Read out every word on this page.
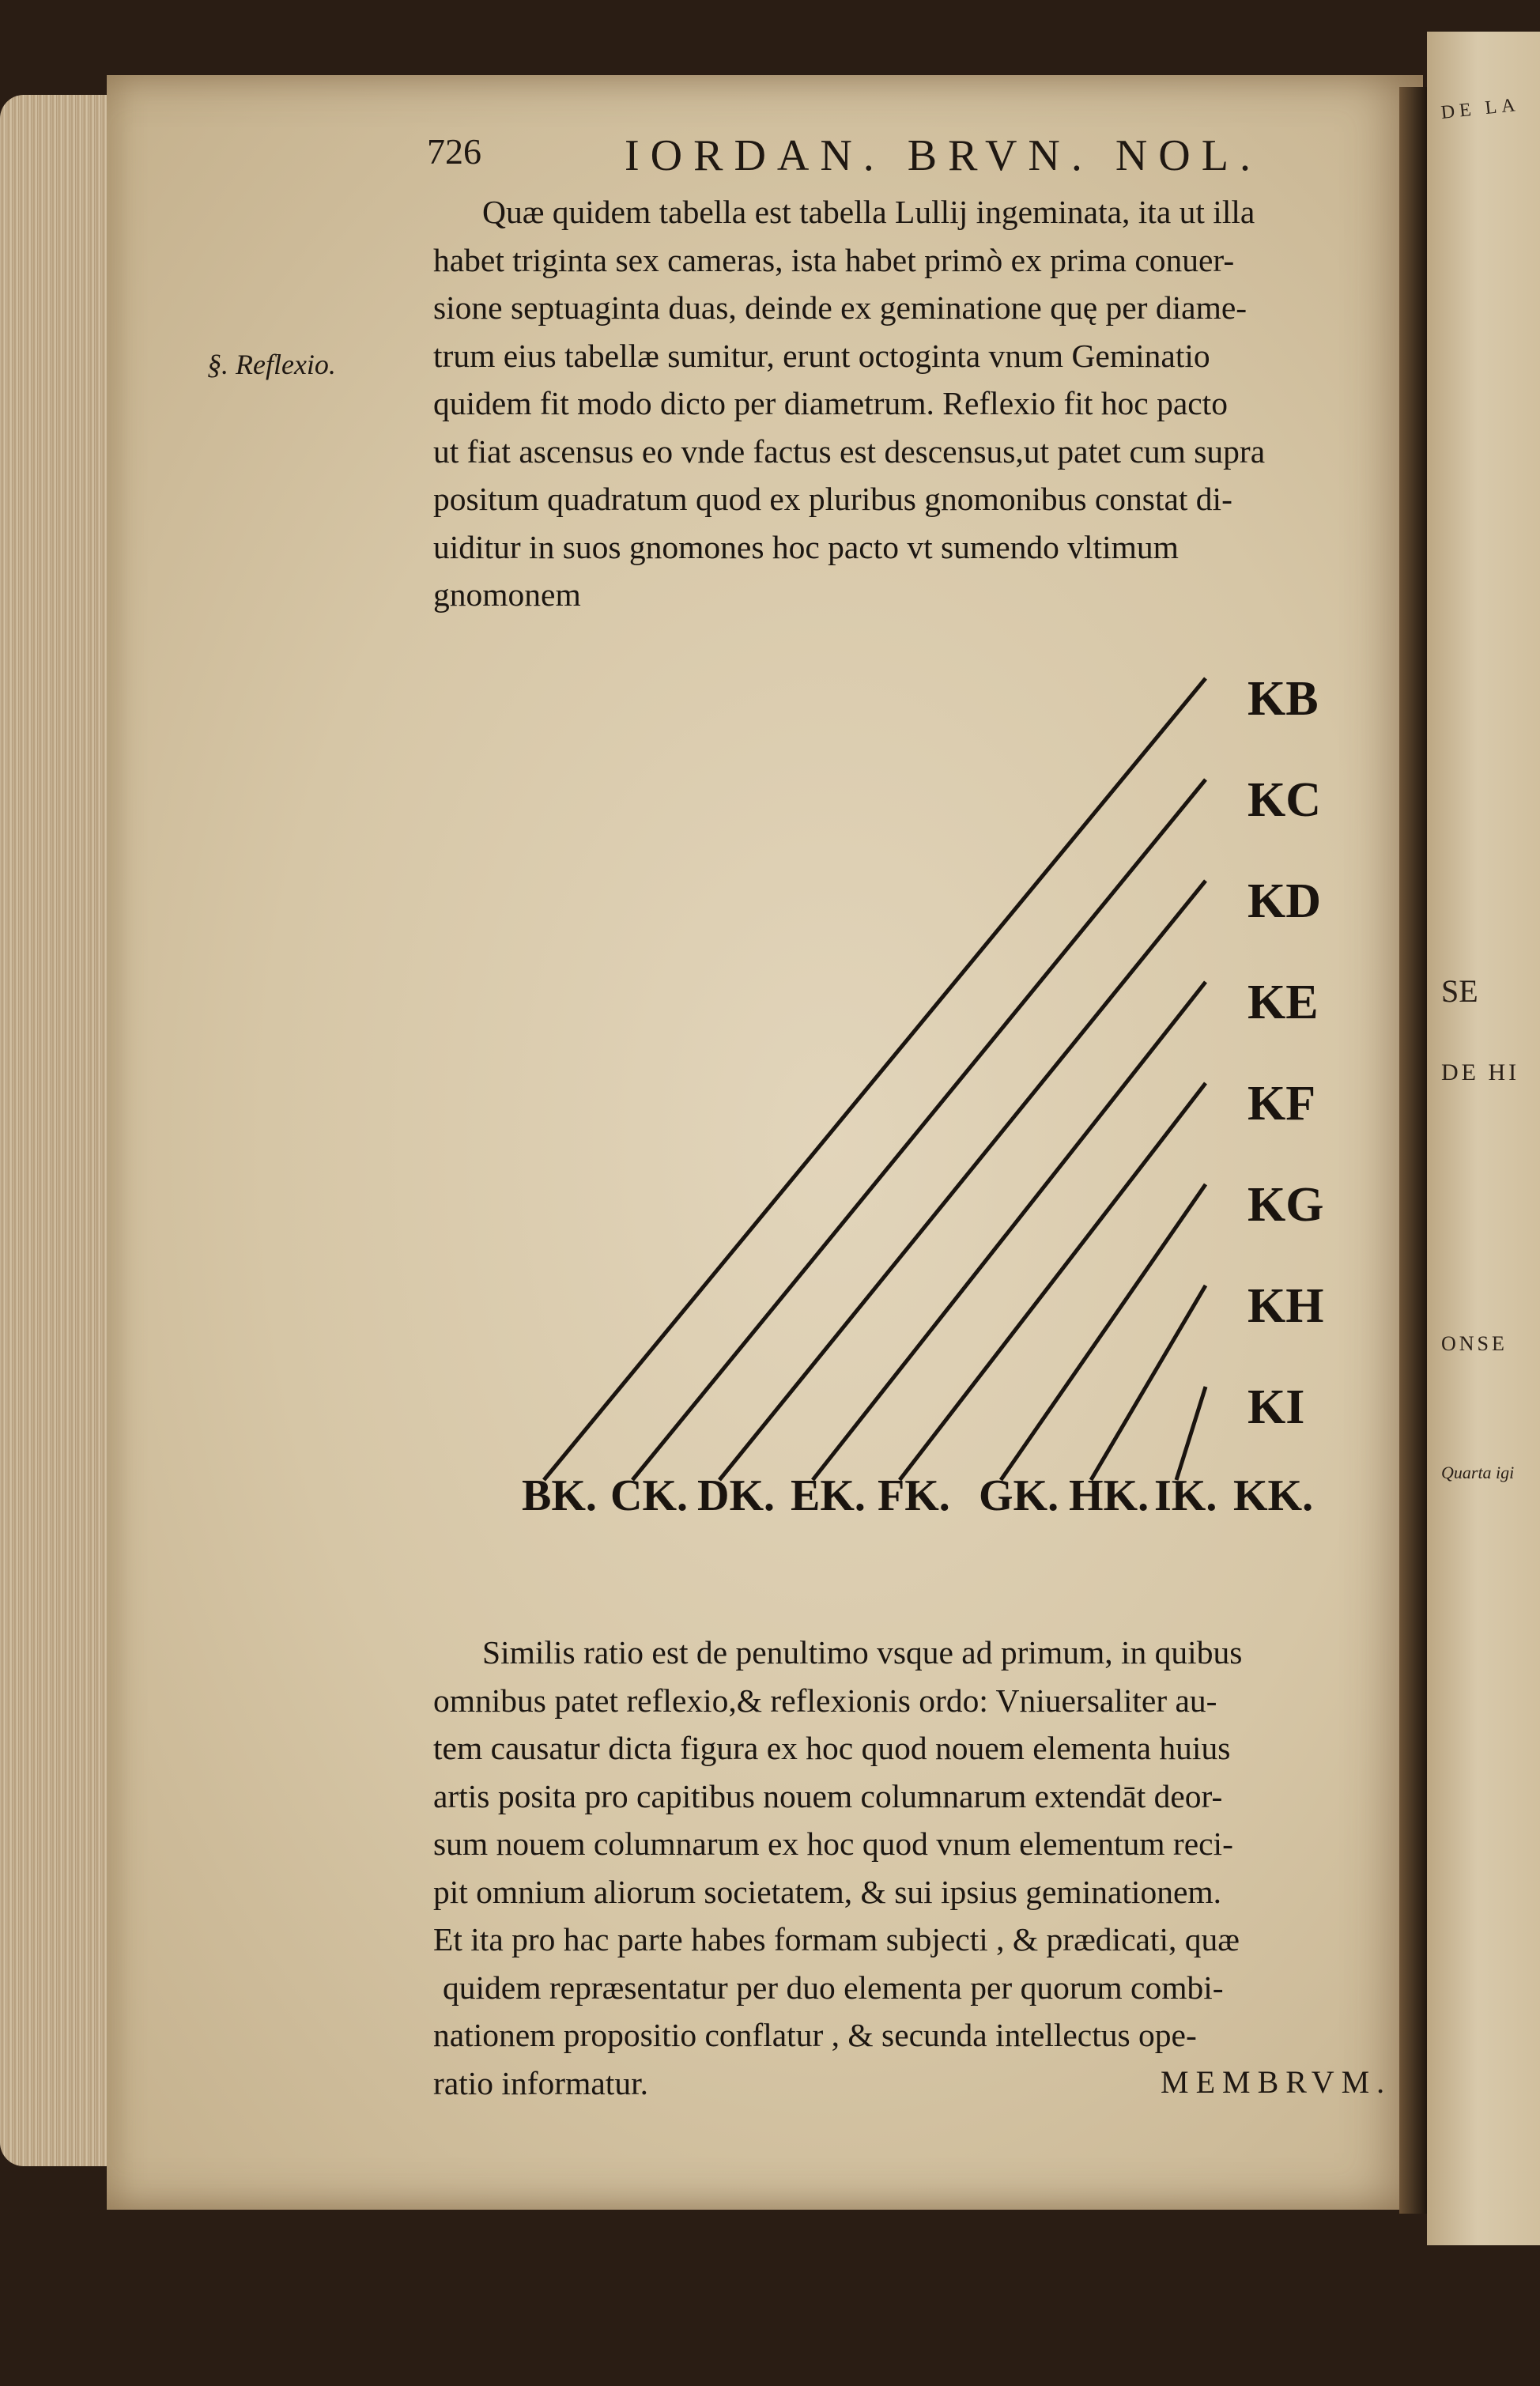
DE LA
SE
DE HI
ONSE
Quarta igi
726	IORDAN. BRVN. NOL.
§. Reflexio.
Quæ quidem tabella est tabella Lullij ingeminata, ita ut illa
habet triginta sex cameras, ista habet primò ex prima conuer-
sione septuaginta duas, deinde ex geminatione quę per diame-
trum eius tabellæ sumitur, erunt octoginta vnum Geminatio
quidem fit modo dicto per diametrum. Reflexio fit hoc pacto
ut fiat ascensus eo vnde factus est descensus,ut patet cum supra
positum quadratum quod ex pluribus gnomonibus constat di-
uiditur in suos gnomones hoc pacto vt sumendo vltimum
gnomonem
KB
KC
KD
KE
KF
KG
KH
KI
BK. CK. DK. EK. FK. GK. HK. IK. KK.
Similis ratio est de penultimo vsque ad primum, in quibus
omnibus patet reflexio,& reflexionis ordo: Vniuersaliter au-
tem causatur dicta figura ex hoc quod nouem elementa huius
artis posita pro capitibus nouem columnarum extendāt deor-
sum nouem columnarum ex hoc quod vnum elementum reci-
pit omnium aliorum societatem, & sui ipsius geminationem.
Et ita pro hac parte habes formam subjecti , & prædicati, quæ
quidem repræsentatur per duo elementa per quorum combi-
nationem propositio conflatur , & secunda intellectus ope-
ratio informatur.	MEMBRVM.
